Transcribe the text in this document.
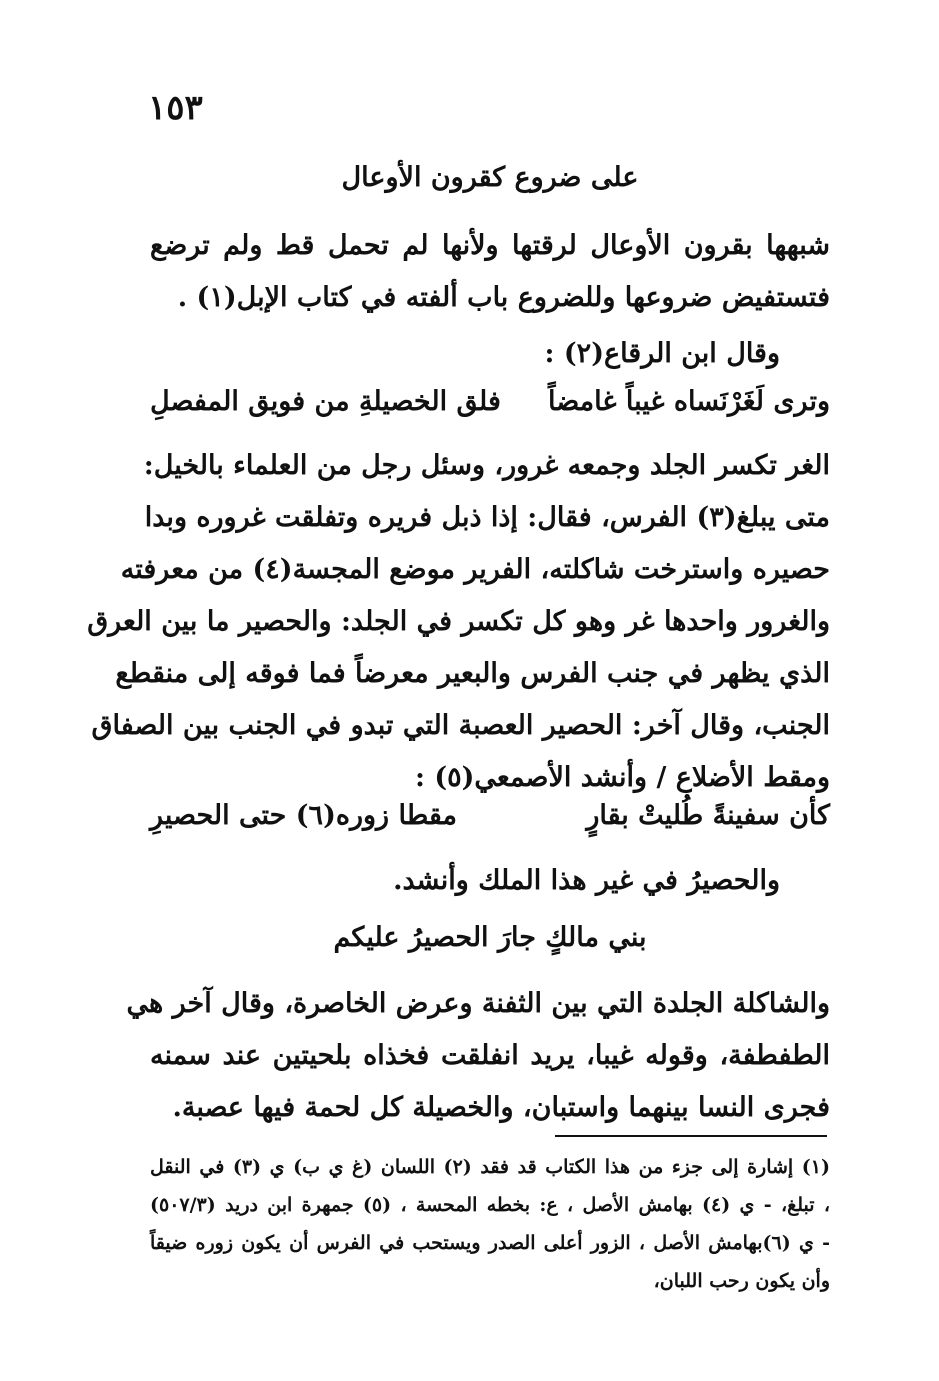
١٥٣
على ضروع كقرون الأوعال
شبهها بقرون الأوعال لرقتها ولأنها لم تحمل قط ولم ترضع
فتستفيض ضروعها وللضروع باب ألفته في كتاب الإبل(١) .
وقال ابن الرقاع(٢) :
وترى لَغَرْنَساه غيباً غامضاً
فلق الخصيلةِ من فويق المفصلِ
الغر تكسر الجلد وجمعه غرور، وسئل رجل من العلماء بالخيل:
متى يبلغ(٣) الفرس، فقال: إذا ذبل فريره وتفلقت غروره وبدا
حصيره واسترخت شاكلته، الفرير موضع المجسة(٤) من معرفته
والغرور واحدها غر وهو كل تكسر في الجلد: والحصير ما بين العرق
الذي يظهر في جنب الفرس والبعير معرضاً فما فوقه إلى منقطع
الجنب، وقال آخر: الحصير العصبة التي تبدو في الجنب بين الصفاق
ومقط الأضلاع / وأنشد الأصمعي(٥) :
كأن سفينةً طُليتْ بقارٍ
مقطا زوره(٦) حتى الحصيرِ
والحصيرُ في غير هذا الملك وأنشد.
بني مالكٍ جارَ الحصيرُ عليكم
والشاكلة الجلدة التي بين الثفنة وعرض الخاصرة، وقال آخر هي
الطفطفة، وقوله غيبا، يريد انفلقت فخذاه بلحيتين عند سمنه
فجرى النسا بينهما واستبان، والخصيلة كل لحمة فيها عصبة.
(١) إشارة إلى جزء من هذا الكتاب قد فقد (٢) اللسان (غ ي ب) ي (٣) في النقل
، تبلغ، - ي (٤) بهامش الأصل ، ع: بخطه المحسة ، (٥) جمهرة ابن دريد (٥٠٧/٣)
- ي (٦)بهامش الأصل ، الزور أعلى الصدر ويستحب في الفرس أن يكون زوره ضيقاً
وأن يكون رحب اللبان،
